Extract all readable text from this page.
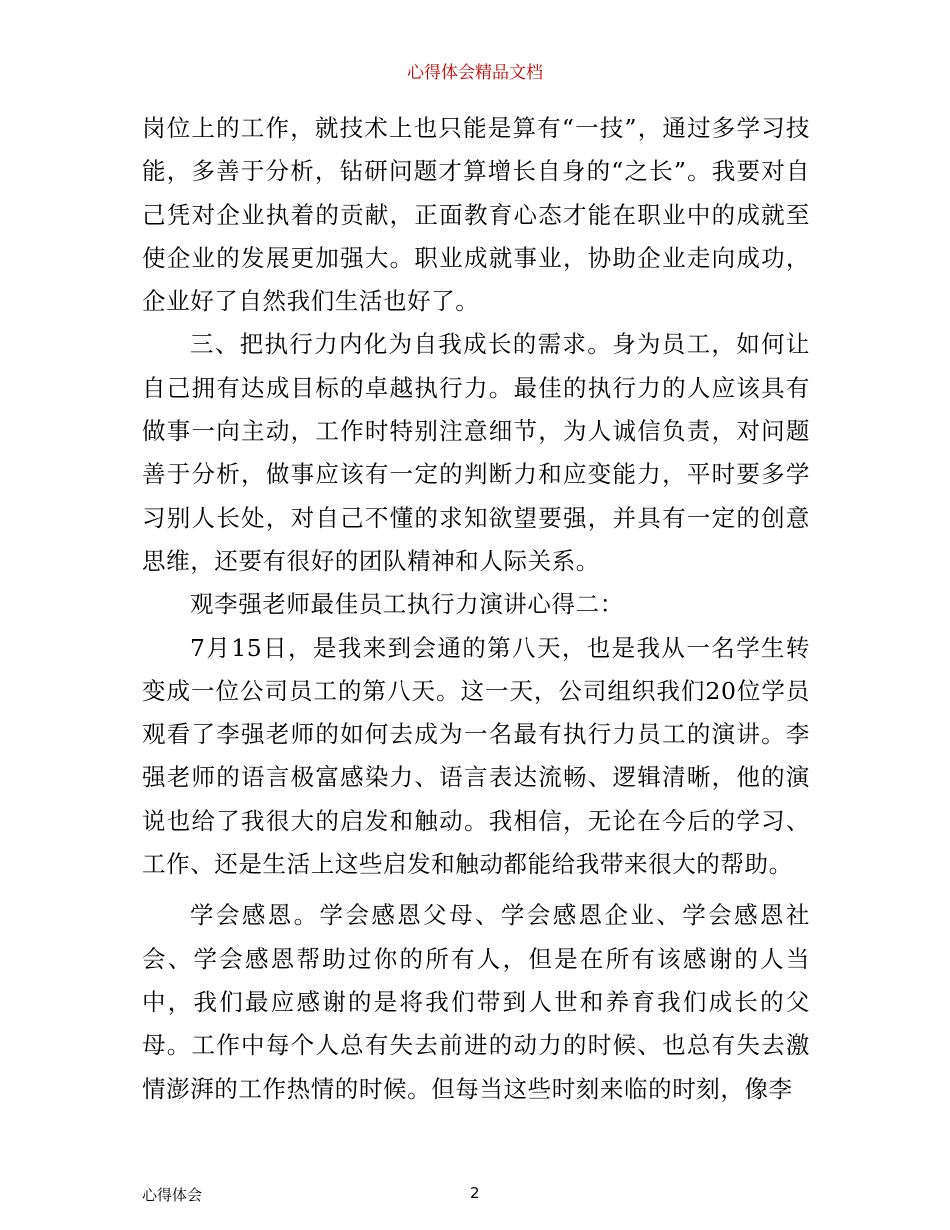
心得体会精品文档

岗位上的工作，就技术上也只能是算有“一技”，通过多学习技能，多善于分析，钻研问题才算增长自身的“之长”。我要对自己凭对企业执着的贡献，正面教育心态才能在职业中的成就至使企业的发展更加强大。职业成就事业，协助企业走向成功，企业好了自然我们生活也好了。

三、把执行力内化为自我成长的需求。身为员工，如何让自己拥有达成目标的卓越执行力。最佳的执行力的人应该具有做事一向主动，工作时特别注意细节，为人诚信负责，对问题善于分析，做事应该有一定的判断力和应变能力，平时要多学习别人长处，对自己不懂的求知欲望要强，并具有一定的创意思维，还要有很好的团队精神和人际关系。

观李强老师最佳员工执行力演讲心得二：

7月15日，是我来到会通的第八天，也是我从一名学生转变成一位公司员工的第八天。这一天，公司组织我们20位学员观看了李强老师的如何去成为一名最有执行力员工的演讲。李强老师的语言极富感染力、语言表达流畅、逻辑清晰，他的演说也给了我很大的启发和触动。我相信，无论在今后的学习、工作、还是生活上这些启发和触动都能给我带来很大的帮助。

学会感恩。学会感恩父母、学会感恩企业、学会感恩社会、学会感恩帮助过你的所有人，但是在所有该感谢的人当中，我们最应感谢的是将我们带到人世和养育我们成长的父母。工作中每个人总有失去前进的动力的时候、也总有失去激情澎湃的工作热情的时候。但每当这些时刻来临的时刻，像李

心得体会	2
